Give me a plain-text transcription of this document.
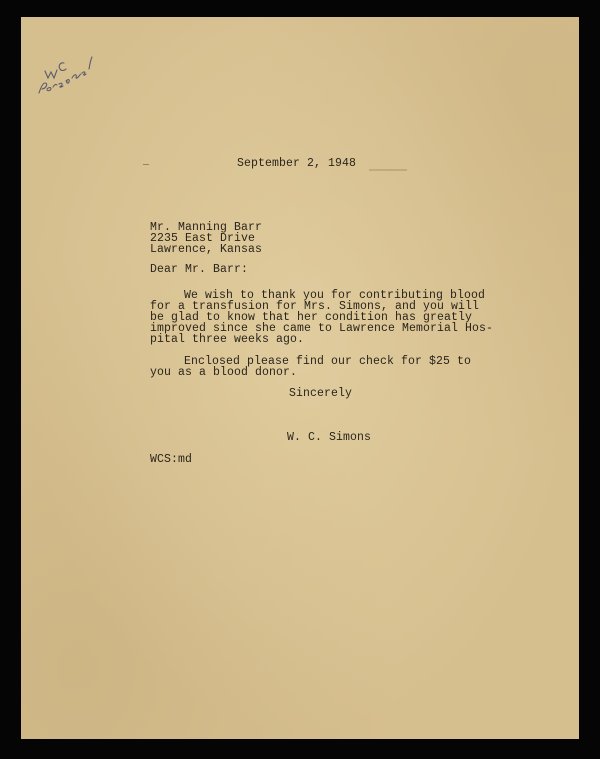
September 2, 1948
Mr. Manning Barr
2235 East Drive
Lawrence, Kansas
Dear Mr. Barr:
We wish to thank you for contributing blood
for a transfusion for Mrs. Simons, and you will
be glad to know that her condition has greatly
improved since she came to Lawrence Memorial Hos-
pital three weeks ago.
Enclosed please find our check for $25 to
you as a blood donor.
Sincerely
W. C. Simons
WCS:md
